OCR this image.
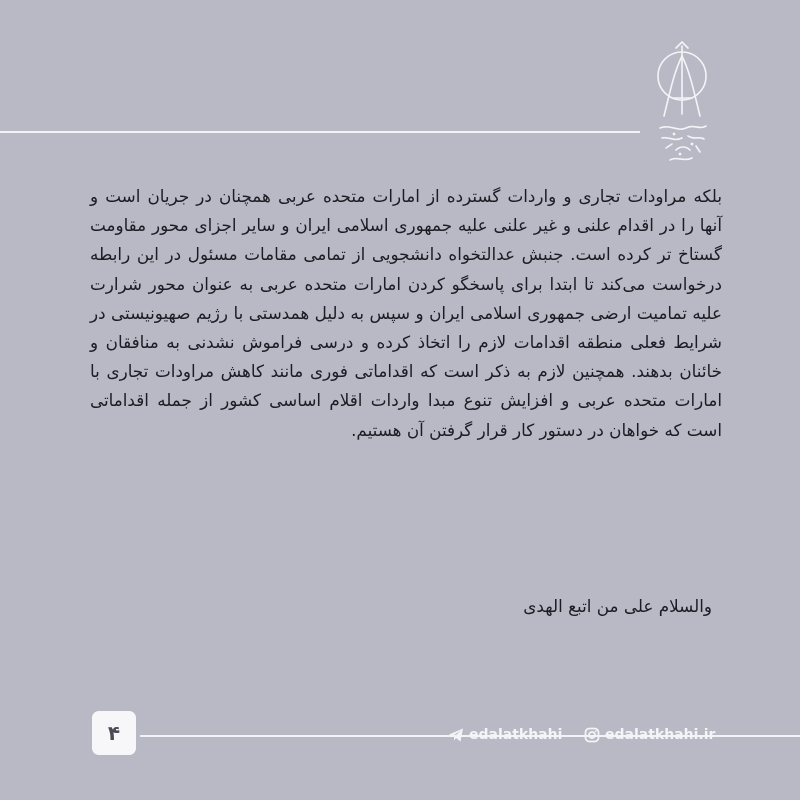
بلکه مراودات تجاری و واردات گسترده از امارات متحده عربی همچنان در جریان است و آنها را در اقدام علنی و غیر علنی علیه جمهوری اسلامی ایران و سایر اجزای محور مقاومت گستاخ تر کرده است. جنبش عدالتخواه دانشجویی از تمامی مقامات مسئول در این رابطه درخواست می‌کند تا ابتدا برای پاسخگو کردن امارات متحده عربی به عنوان محور شرارت علیه تمامیت ارضی جمهوری اسلامی ایران و سپس به دلیل همدستی با رژیم صهیونیستی در شرایط فعلی منطقه اقدامات لازم را اتخاذ کرده و درسی فراموش نشدنی به منافقان و خائنان بدهند. همچنین لازم به ذکر است که اقداماتی فوری مانند کاهش مراودات تجاری با امارات متحده عربی و افزایش تنوع مبدا واردات اقلام اساسی کشور از جمله اقداماتی است که خواهان در دستور کار قرار گرفتن آن هستیم.

والسلام علی من اتبع الهدی

۴	edalatkhahi	edalatkhahi.ir
